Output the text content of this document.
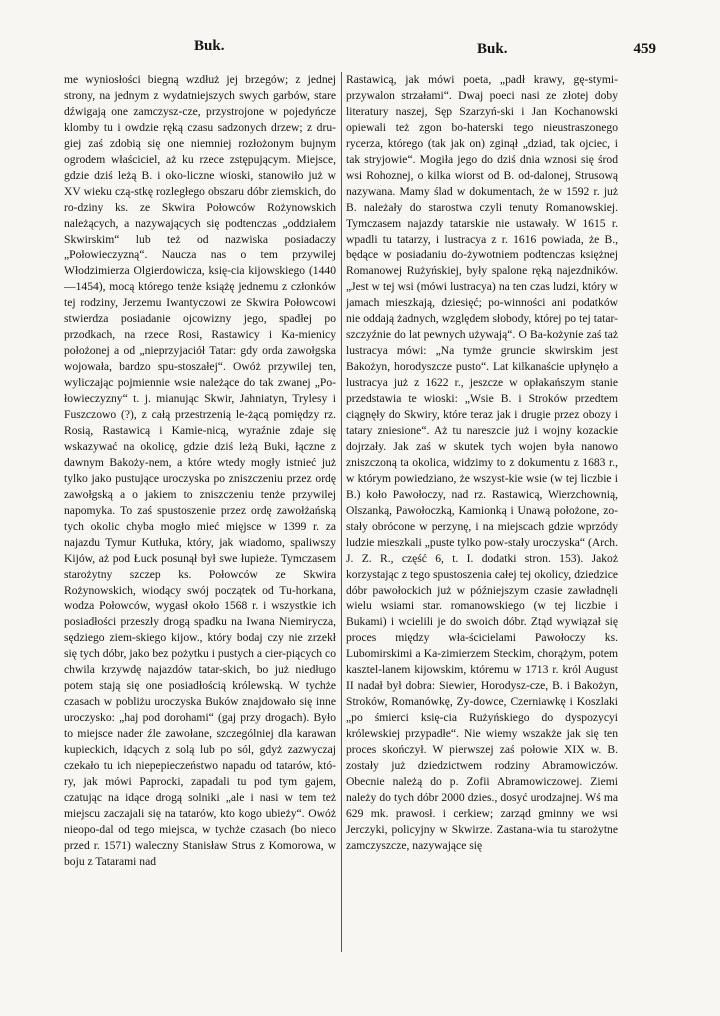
Buk.	Buk.	459
me wyniosłości biegną wzdłuż jej brzegów; z jednej strony, na jednym z wydatniejszych swych garbów, stare dźwigają one zamczysz-cze, przystrojone w pojedyńcze klomby tu i owdzie ręką czasu sadzonych drzew; z dru-giej zaś zdobią się one niemniej rozłożonym bujnym ogrodem właściciel, aż ku rzece zstępującym. Miejsce, gdzie dziś leżą B. i oko-liczne wioski, stanowiło już w XV wieku czą-stkę rozległego obszaru dóbr ziemskich, do ro-dziny ks. ze Skwira Połowców Rożynowskich należących, a nazywających się podtenczas „oddziałem Skwirskim“ lub też od nazwiska posiadaczy „Połowieczyzną“. Naucza nas o tem przywilej Włodzimierza Olgierdowicza, księ-cia kijowskiego (1440—1454), mocą którego tenże książę jednemu z członków tej rodziny, Jerzemu Iwantyczowi ze Skwira Połowcowi stwierdza posiadanie ojcowizny jego, spadłej po przodkach, na rzece Rosi, Rastawicy i Ka-mienicy położonej a od „nieprzyjaciół Tatar: gdy orda zawołgska wojowała, bardzo spu-stoszałej“. Owóż przywilej ten, wyliczając pojmiennie wsie należące do tak zwanej „Po-łowieczyzny“ t. j. mianując Skwir, Jahniatyn, Trylesy i Fuszczowo (?), z całą przestrzenią le-żącą pomiędzy rz. Rosią, Rastawicą i Kamie-nicą, wyraźnie zdaje się wskazywać na okolicę, gdzie dziś leżą Buki, łączne z dawnym Bakoży-nem, a które wtedy mogły istnieć już tylko jako pustujące uroczyska po zniszczeniu przez ordę zawołgską a o jakiem to zniszczeniu tenże przywilej napomyka. To zaś spustoszenie przez ordę zawołżańską tych okolic chyba mogło mieć mięjsce w 1399 r. za najazdu Tymur Kutłuka, który, jak wiadomo, spaliwszy Kijów, aż pod Łuck posunął był swe łupieże. Tymczasem starożytny szczep ks. Połowców ze Skwira Rożynowskich, wiodący swój początek od Tu-horkana, wodza Połowców, wygasł około 1568 r. i wszystkie ich posiadłości przeszły drogą spadku na Iwana Niemirycza, sędziego ziem-skiego kijow., który bodaj czy nie zrzekł się tych dóbr, jako bez pożytku i pustych a cier-piących co chwila krzywdę najazdów tatar-skich, bo już niedługo potem stają się one posiadłością królewską. W tychże czasach w pobliżu uroczyska Buków znajdowało się inne uroczysko: „haj pod dorohami“ (gaj przy drogach). Było to miejsce nader źle zawołane, szczególniej dla karawan kupieckich, idących z solą lub po sól, gdyż zazwyczaj czekało tu ich niepepieczeństwo napadu od tatarów, któ-ry, jak mówi Paprocki, zapadali tu pod tym gajem, czatując na idące drogą solniki „ale i nasi w tem też miejscu zaczajali się na tatarów, kto kogo ubieży“. Owóż nieopo-dal od tego miejsca, w tychże czasach (bo nieco przed r. 1571) waleczny Stanisław Strus z Komorowa, w boju z Tatarami nad
Rastawicą, jak mówi poeta, „padł krawy, gę-stymi-przywalon strzałami“. Dwaj poeci nasi ze złotej doby literatury naszej, Sęp Szarzyń-ski i Jan Kochanowski opiewali też zgon bo-haterski tego nieustraszonego rycerza, którego (tak jak on) zginął „dziad, tak ojciec, i tak stryjowie“. Mogiła jego do dziś dnia wznosi się środ wsi Rohoznej, o kilka wiorst od B. od-dalonej, Strusową nazywana. Mamy ślad w dokumentach, że w 1592 r. już B. należały do starostwa czyli tenuty Romanowskiej. Tymczasem najazdy tatarskie nie ustawały. W 1615 r. wpadli tu tatarzy, i lustracya z r. 1616 powiada, że B., będące w posiadaniu do-żywotniem podtenczas księżnej Romanowej Rużyńskiej, były spalone ręką najezdników. „Jest w tej wsi (mówi lustracya) na ten czas ludzi, który w jamach mieszkają, dziesięć; po-winności ani podatków nie oddają żadnych, względem słobody, której po tej tatar-szczyźnie do lat pewnych używają“. O Ba-kożynie zaś taż lustracya mówi: „Na tymże gruncie skwirskim jest Bakożyn, horodyszcze pusto“. Lat kilkanaście upłynęło a lustracya już z 1622 r., jeszcze w opłakańszym stanie przedstawia te wioski: „Wsie B. i Stroków przedtem ciągnęły do Skwiry, które teraz jak i drugie przez obozy i tatary zniesione“. Aż tu nareszcie już i wojny kozackie dojrzały. Jak zaś w skutek tych wojen była nanowo zniszczoną ta okolica, widzimy to z dokumentu z 1683 r., w którym powiedziano, że wszyst-kie wsie (w tej liczbie i B.) koło Pawołoczy, nad rz. Rastawicą, Wierzchownią, Olszanką, Pawołoczką, Kamionką i Unawą położone, zo-stały obrócone w perzynę, i na miejscach gdzie wprzódy ludzie mieszkali „puste tylko pow-stały uroczyska“ (Arch. J. Z. R., część 6, t. I. dodatki stron. 153). Jakoż korzystając z tego spustoszenia całej tej okolicy, dziedzice dóbr pawołockich już w późniejszym czasie zawładnęli wielu wsiami star. romanowskiego (w tej liczbie i Bukami) i wcielili je do swoich dóbr. Ztąd wywiązał się proces między wła-ścicielami Pawołoczy ks. Lubomirskimi a Ka-zimierzem Steckim, chorążym, potem kasztel-lanem kijowskim, któremu w 1713 r. król August II nadał był dobra: Siewier, Horodysz-cze, B. i Bakożyn, Stroków, Romanówkę, Zy-dowce, Czerniawkę i Koszlaki „po śmierci księ-cia Rużyńskiego do dyspozycyi królewskiej przypadłe“. Nie wiemy wszakże jak się ten proces skończył. W pierwszej zaś połowie XIX w. B. zostały już dziedzictwem rodziny Abramowiczów. Obecnie należą do p. Zofii Abramowiczowej. Ziemi należy do tych dóbr 2000 dzies., dosyć urodzajnej. Wś ma 629 mk. prawosł. i cerkiew; zarząd gminny we wsi Jerczyki, policyjny w Skwirze. Zastana-wia tu starożytne zamczyszcze, nazywające się
